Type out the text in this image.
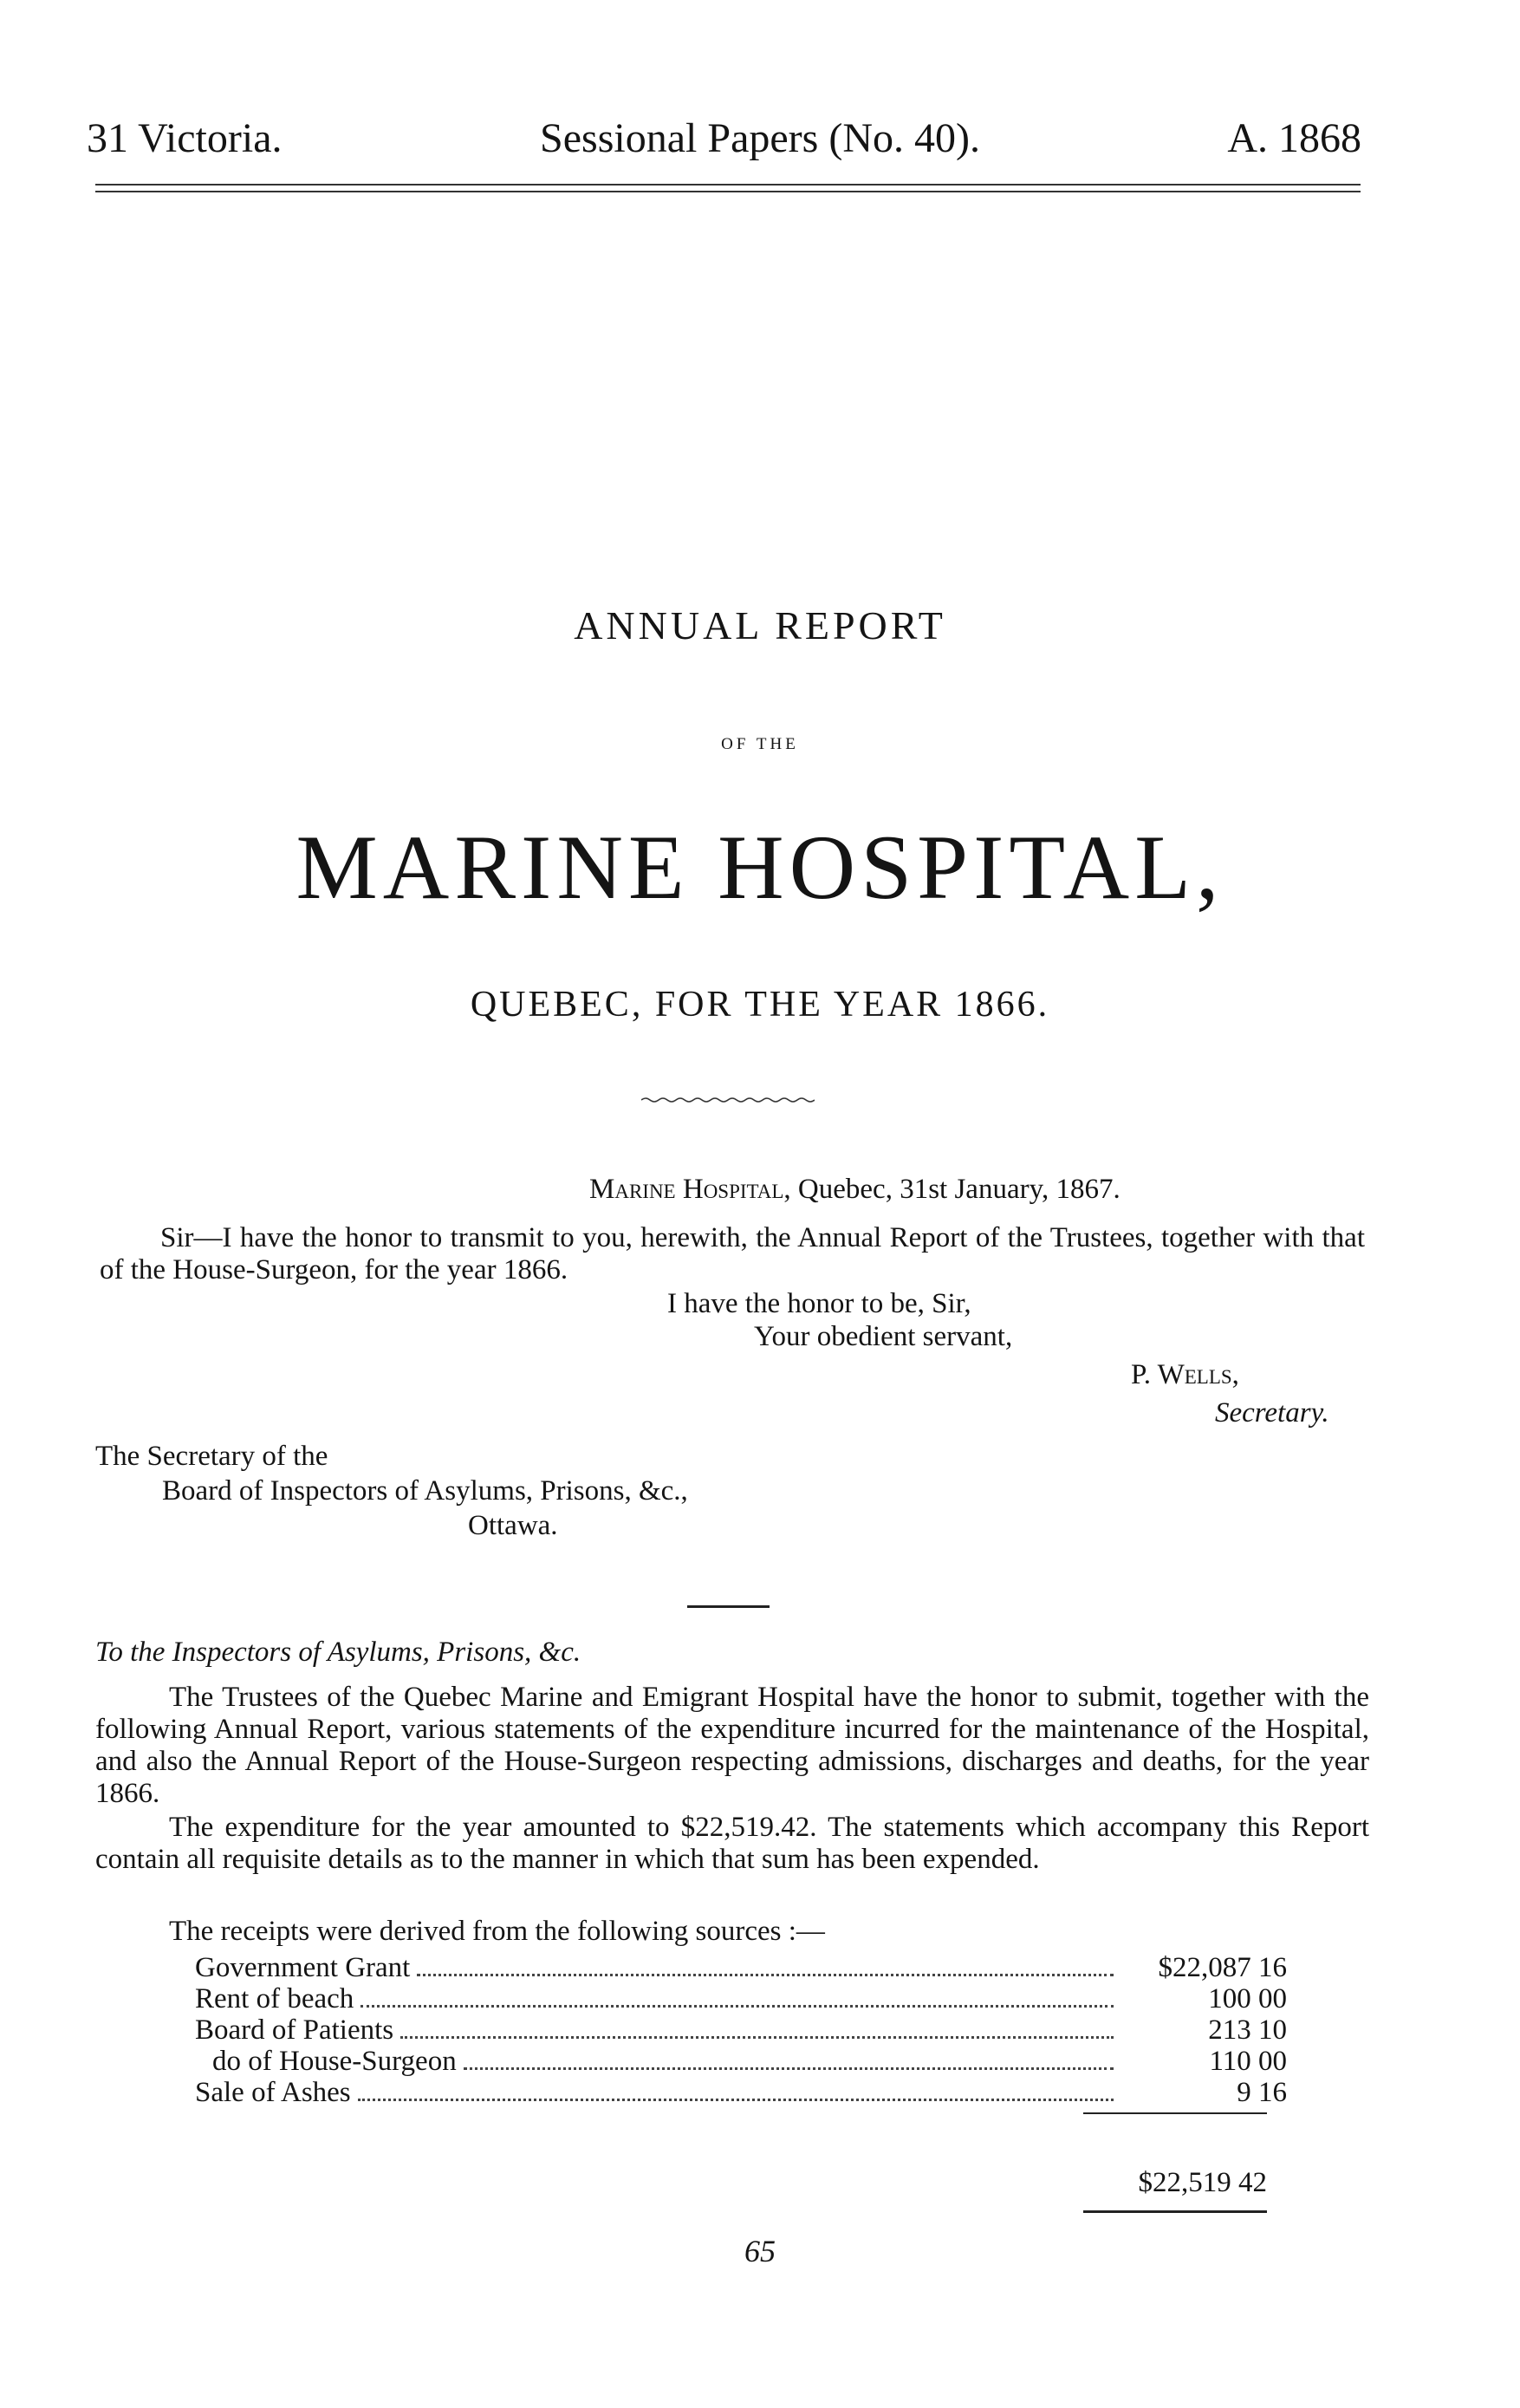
31 Victoria.	Sessional Papers (No. 40).	A. 1868
ANNUAL REPORT
OF THE
MARINE HOSPITAL,
QUEBEC, FOR THE YEAR 1866.
Marine Hospital, Quebec, 31st January, 1867.
Sir—I have the honor to transmit to you, herewith, the Annual Report of the Trustees, together with that of the House-Surgeon, for the year 1866.
I have the honor to be, Sir,
Your obedient servant,
P. Wells,
Secretary.
The Secretary of the
Board of Inspectors of Asylums, Prisons, &c.,
Ottawa.
To the Inspectors of Asylums, Prisons, &c.
The Trustees of the Quebec Marine and Emigrant Hospital have the honor to submit, together with the following Annual Report, various statements of the expenditure incurred for the maintenance of the Hospital, and also the Annual Report of the House-Surgeon respecting admissions, discharges and deaths, for the year 1866.
The expenditure for the year amounted to $22,519.42. The statements which accompany this Report contain all requisite details as to the manner in which that sum has been expended.
The receipts were derived from the following sources :—
Government Grant	$22,087 16
Rent of beach	100 00
Board of Patients	213 10
do of House-Surgeon	110 00
Sale of Ashes	9 16
$22,519 42
65
